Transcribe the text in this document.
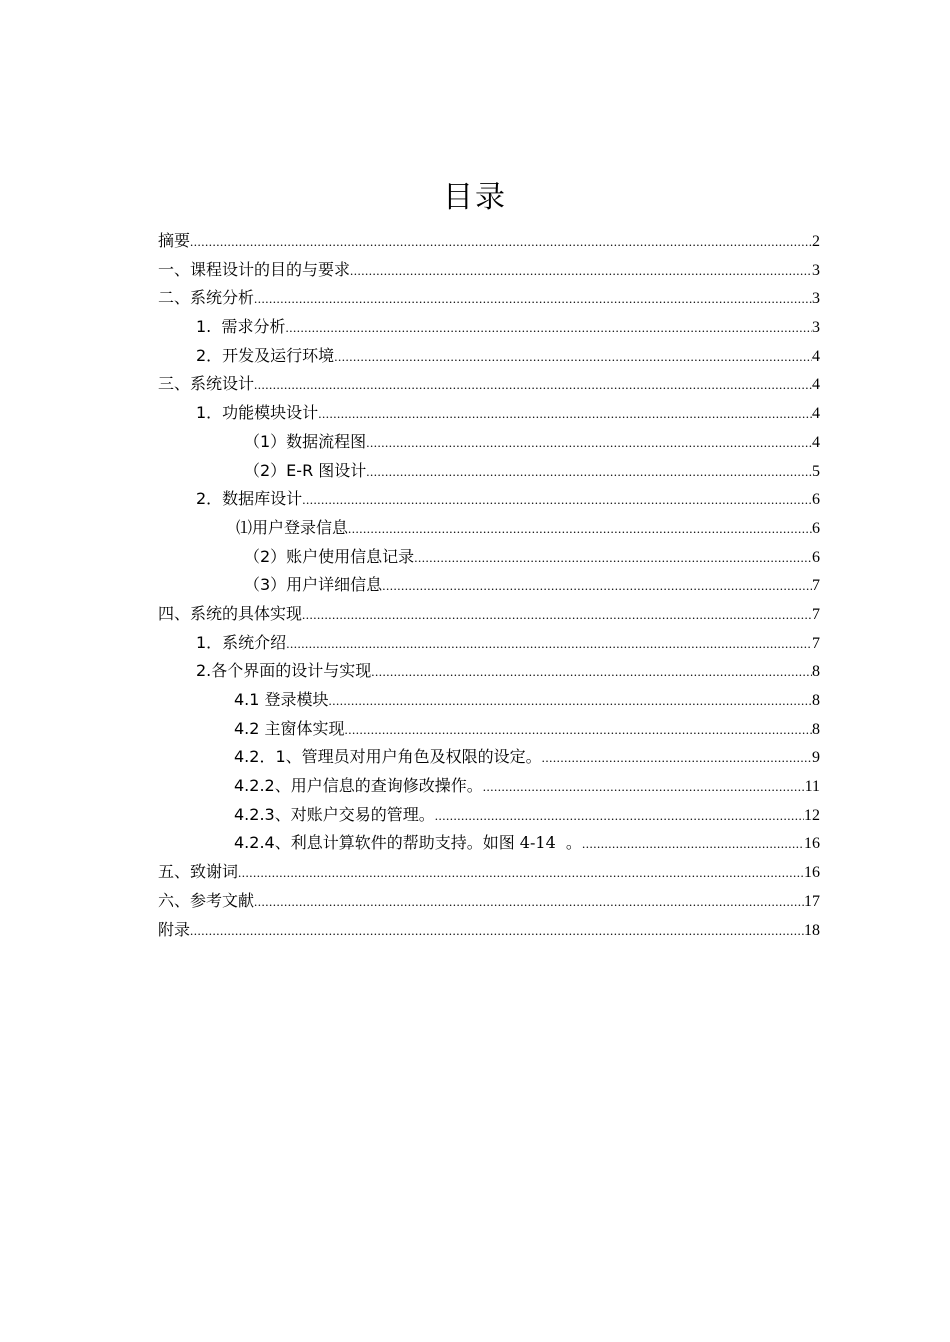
目录
摘要 .....	2
一、课程设计的目的与要求 .....	3
二、系统分析 .....	3
1.  需求分析 .....	3
2．开发及运行环境 .....	4
三、系统设计 .....	4
1．功能模块设计 .....	4
（1）数据流程图 .....	4
（2）E-R 图设计 .....	5
2．数据库设计 .....	6
⑴用户登录信息 .....	6
（2）账户使用信息记录 .....	6
（3）用户详细信息 .....	7
四、系统的具体实现 .....	7
1．系统介绍 .....	7
2.各个界面的设计与实现 .....	8
4.1 登录模块 .....	8
4.2 主窗体实现 .....	8
4.2．1、管理员对用户角色及权限的设定。 .....	9
4.2.2、用户信息的查询修改操作。 .....	11
4.2.3、对账户交易的管理。 .....	12
4.2.4、利息计算软件的帮助支持。 如图 4-14  。 .....	16
五、致谢词 .....	16
六、参考文献 .....	17
附录 .....	18
